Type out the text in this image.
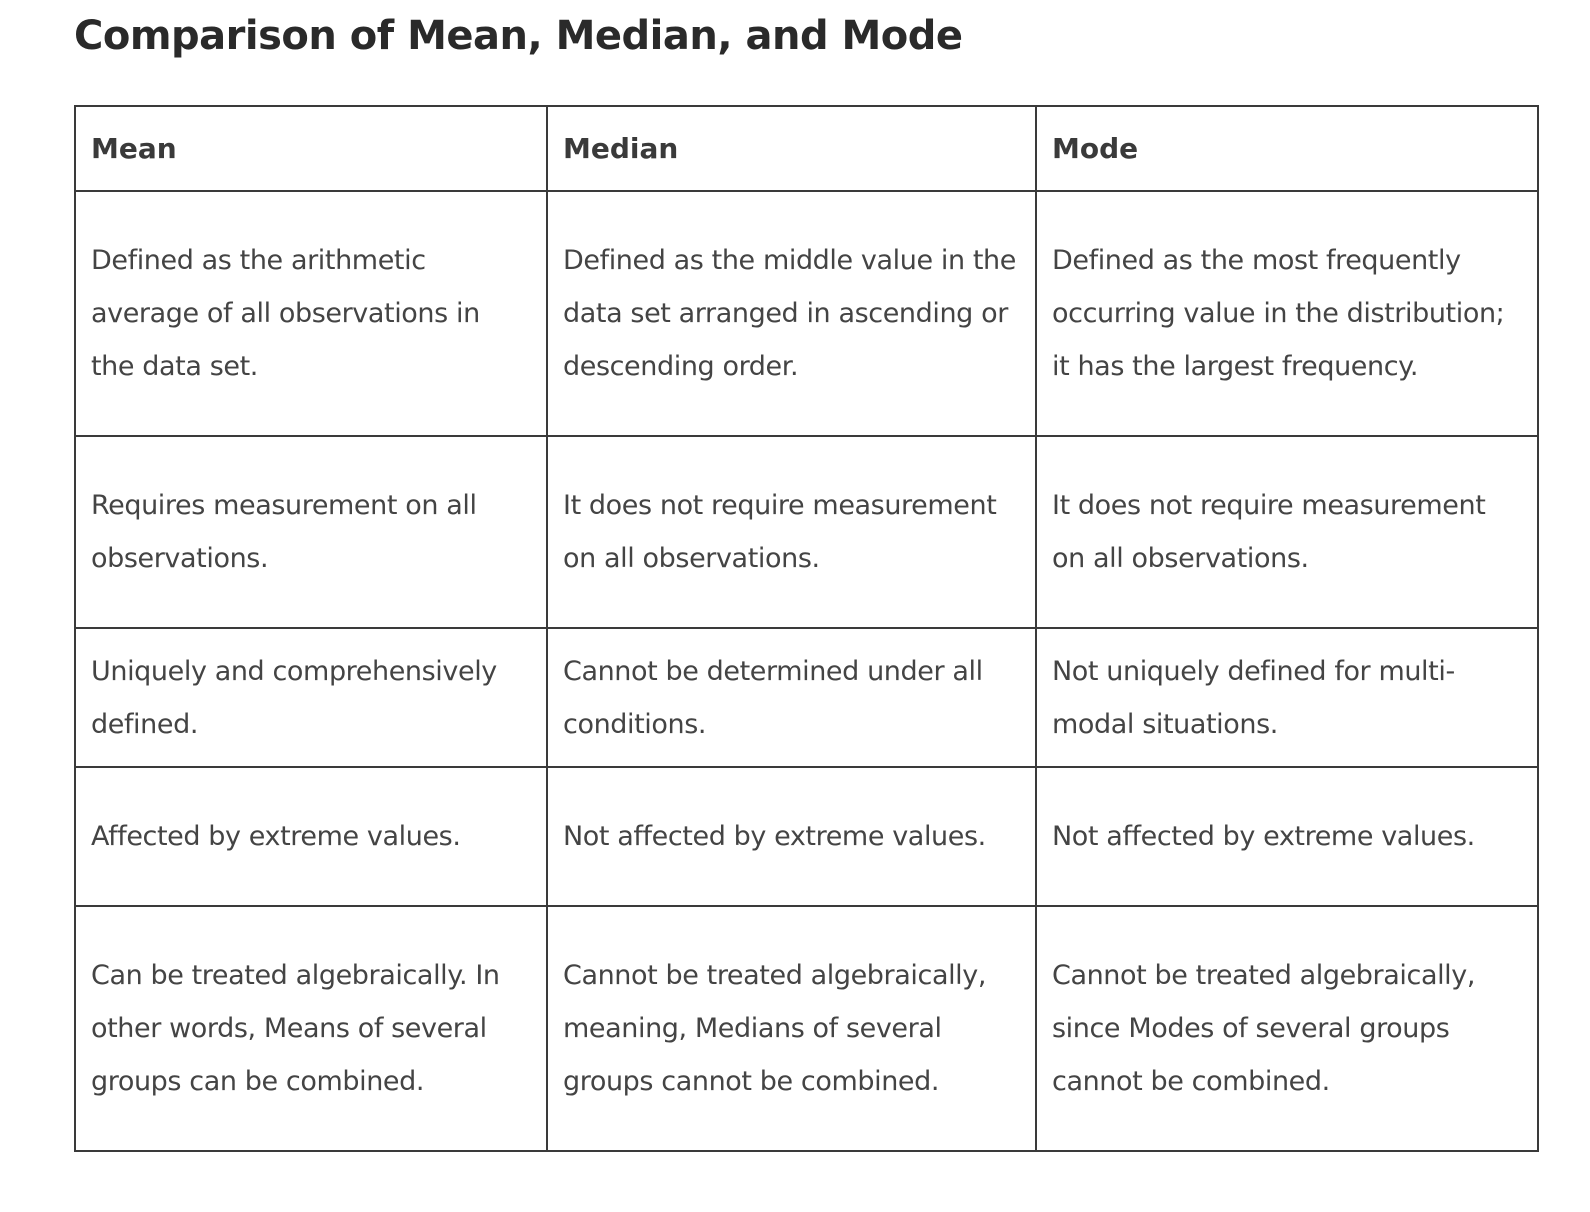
Comparison of Mean, Median, and Mode
Mean	Median	Mode
Defined as the arithmetic average of all observations in the data set.	Defined as the middle value in the data set arranged in ascending or descending order.	Defined as the most frequently occurring value in the distribution; it has the largest frequency.
Requires measurement on all observations.	It does not require measurement on all observations.	It does not require measurement on all observations.
Uniquely and comprehensively defined.	Cannot be determined under all conditions.	Not uniquely defined for multi-modal situations.
Affected by extreme values.	Not affected by extreme values.	Not affected by extreme values.
Can be treated algebraically. In other words, Means of several groups can be combined.	Cannot be treated algebraically, meaning, Medians of several groups cannot be combined.	Cannot be treated algebraically, since Modes of several groups cannot be combined.
